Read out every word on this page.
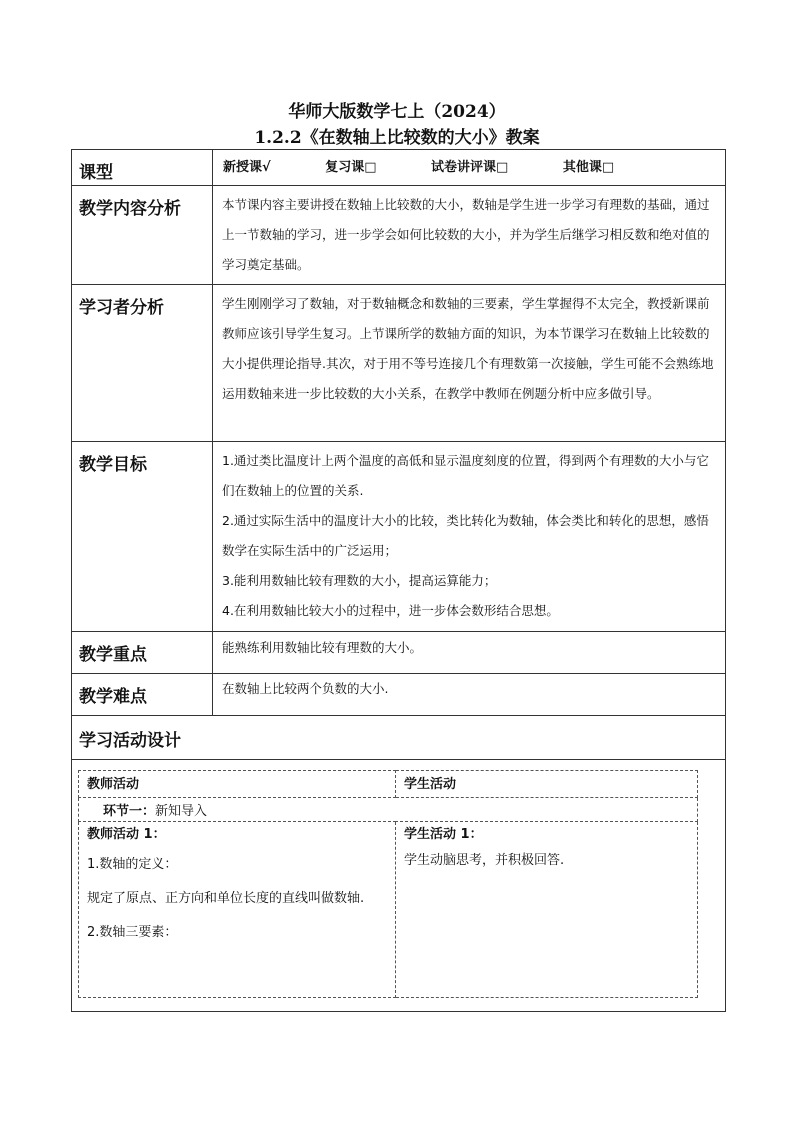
华师大版数学七上（2024）
1.2.2《在数轴上比较数的大小》教案
课型	新授课√	复习课□	试卷讲评课□	其他课□
教学内容分析	本节课内容主要讲授在数轴上比较数的大小，数轴是学生进一步学习有理数的基础，通过上一节数轴的学习，进一步学会如何比较数的大小，并为学生后继学习相反数和绝对值的学习奠定基础。
学习者分析	学生刚刚学习了数轴，对于数轴概念和数轴的三要素，学生掌握得不太完全，教授新课前教师应该引导学生复习。上节课所学的数轴方面的知识，为本节课学习在数轴上比较数的大小提供理论指导.其次，对于用不等号连接几个有理数第一次接触，学生可能不会熟练地运用数轴来进一步比较数的大小关系，在教学中教师在例题分析中应多做引导。
教学目标	1.通过类比温度计上两个温度的高低和显示温度刻度的位置，得到两个有理数的大小与它们在数轴上的位置的关系.
2.通过实际生活中的温度计大小的比较，类比转化为数轴，体会类比和转化的思想，感悟数学在实际生活中的广泛运用；
3.能利用数轴比较有理数的大小，提高运算能力；
4.在利用数轴比较大小的过程中，进一步体会数形结合思想。

教学重点	能熟练利用数轴比较有理数的大小。
教学难点	在数轴上比较两个负数的大小.
学习活动设计

教师活动	学生活动
环节一：新知导入

教师活动 1：

1.数轴的定义：

规定了原点、正方向和单位长度的直线叫做数轴.

2.数轴三要素：

学生活动 1：

学生动脑思考，并积极回答.
